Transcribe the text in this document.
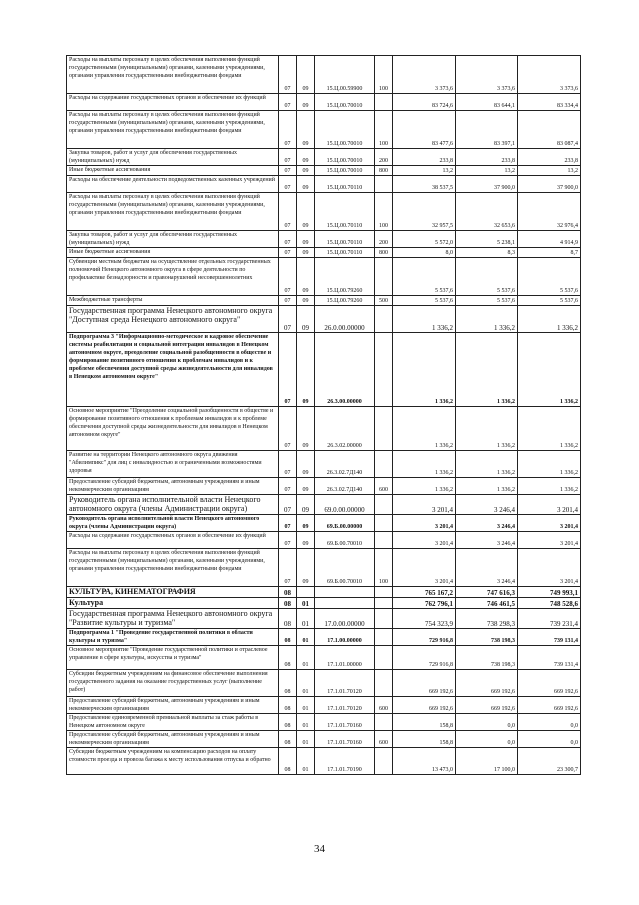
Расходы на выплаты персоналу в целях обеспечения выполнения функций государственными (муниципальными) органами, казенными учреждениями, органами управления государственными внебюджетными фондами	07	09	15.Ц.00.59900	100	3 373,6	3 373,6	3 373,6
Расходы на содержание государственных органов и обеспечение их функций	07	09	15.Ц.00.70010		83 724,6	83 644,1	83 334,4
Расходы на выплаты персоналу в целях обеспечения выполнения функций государственными (муниципальными) органами, казенными учреждениями, органами управления государственными внебюджетными фондами	07	09	15.Ц.00.70010	100	83 477,6	83 397,1	83 087,4
Закупка товаров, работ и услуг для обеспечения государственных (муниципальных) нужд	07	09	15.Ц.00.70010	200	233,8	233,8	233,8
Иные бюджетные ассигнования	07	09	15.Ц.00.70010	800	13,2	13,2	13,2
Расходы на обеспечение деятельности подведомственных казенных учреждений	07	09	15.Ц.00.70110		38 537,5	37 900,0	37 900,0
Расходы на выплаты персоналу в целях обеспечения выполнения функций государственными (муниципальными) органами, казенными учреждениями, органами управления государственными внебюджетными фондами	07	09	15.Ц.00.70110	100	32 957,5	32 653,6	32 976,4
Закупка товаров, работ и услуг для обеспечения государственных (муниципальных) нужд	07	09	15.Ц.00.70110	200	5 572,0	5 238,1	4 914,9
Иные бюджетные ассигнования	07	09	15.Ц.00.70110	800	8,0	8,3	8,7
Субвенции местным бюджетам на осуществление отдельных государственных полномочий Ненецкого автономного округа в сфере деятельности по профилактике безнадзорности и правонарушений несовершеннолетних	07	09	15.Ц.00.79260		5 537,6	5 537,6	5 537,6
Межбюджетные трансферты	07	09	15.Ц.00.79260	500	5 537,6	5 537,6	5 537,6
Государственная программа Ненецкого автономного округа "Доступная среда Ненецкого автономного округа"	07	09	26.0.00.00000		1 336,2	1 336,2	1 336,2
Подпрограмма 3 "Информационно-методическое и кадровое обеспечение системы реабилитации и социальной интеграции инвалидов в Ненецком автономном округе, преодоление социальной разобщенности в обществе и формирование позитивного отношения к проблемам инвалидов и к проблеме обеспечения доступной среды жизнедеятельности для инвалидов в Ненецком автономном округе"	07	09	26.3.00.00000		1 336,2	1 336,2	1 336,2
Основное мероприятие "Преодоление социальной разобщенности в обществе и формирование позитивного отношения к проблемам инвалидов и к проблеме обеспечения доступной среды жизнедеятельности для инвалидов в Ненецком автономном округе"	07	09	26.3.02.00000		1 336,2	1 336,2	1 336,2
Развитие на территории Ненецкого автономного округа движения "Абилимпикс" для лиц с инвалидностью и ограниченными возможностями здоровья	07	09	26.3.02.7Д140		1 336,2	1 336,2	1 336,2
Предоставление субсидий бюджетным, автономным учреждениям и иным некоммерческим организациям	07	09	26.3.02.7Д140	600	1 336,2	1 336,2	1 336,2
Руководитель органа исполнительной власти Ненецкого автономного округа (члены Администрации округа)	07	09	69.0.00.00000		3 201,4	3 246,4	3 201,4
Руководитель органа исполнительной власти Ненецкого автономного округа (члены Администрации округа)	07	09	69.Б.00.00000		3 201,4	3 246,4	3 201,4
Расходы на содержание государственных органов и обеспечение их функций	07	09	69.Б.00.70010		3 201,4	3 246,4	3 201,4
Расходы на выплаты персоналу в целях обеспечения выполнения функций государственными (муниципальными) органами, казенными учреждениями, органами управления государственными внебюджетными фондами	07	09	69.Б.00.70010	100	3 201,4	3 246,4	3 201,4
КУЛЬТУРА, КИНЕМАТОГРАФИЯ	08				765 167,2	747 616,3	749 993,1
Культура	08	01			762 796,1	746 461,5	748 528,6
Государственная программа Ненецкого автономного округа "Развитие культуры и туризма"	08	01	17.0.00.00000		754 323,9	738 298,3	739 231,4
Подпрограмма 1 "Проведение государственной политики в области культуры и туризма"	08	01	17.1.00.00000		729 916,8	738 198,3	739 131,4
Основное мероприятие "Проведение государственной политики и отраслевое управление в сфере культуры, искусства и туризма"	08	01	17.1.01.00000		729 916,8	738 198,3	739 131,4
Субсидии бюджетным учреждениям на финансовое обеспечение выполнения государственного задания на оказание государственных услуг (выполнение работ)	08	01	17.1.01.70120		669 192,6	669 192,6	669 192,6
Предоставление субсидий бюджетным, автономным учреждениям и иным некоммерческим организациям	08	01	17.1.01.70120	600	669 192,6	669 192,6	669 192,6
Предоставление единовременной премиальной выплаты за стаж работы в Ненецком автономном округе	08	01	17.1.01.70160		158,8	0,0	0,0
Предоставление субсидий бюджетным, автономным учреждениям и иным некоммерческим организациям	08	01	17.1.01.70160	600	158,8	0,0	0,0
Субсидии бюджетным учреждениям на компенсацию расходов на оплату стоимости проезда и провоза багажа к месту использования отпуска и обратно	08	01	17.1.01.70190		13 473,0	17 100,0	23 300,7
34
